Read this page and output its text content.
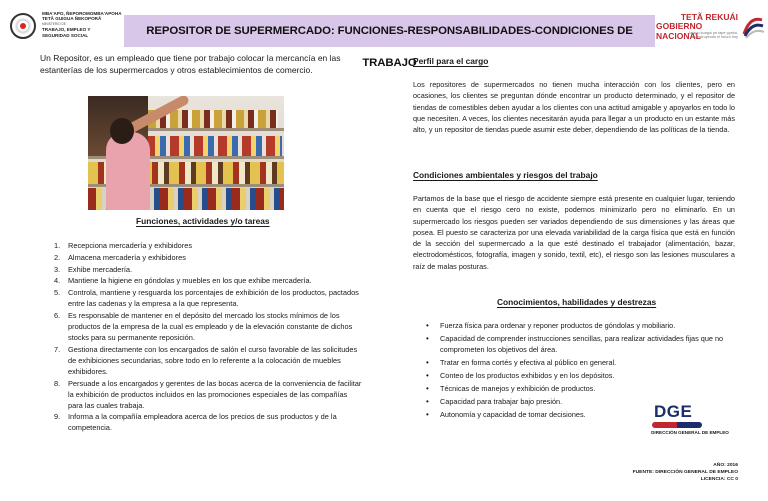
MBA'APO, ÑEPOROMOMBA'APOHA
TETÃ GUIGUA ÑEKOPORÃ
MINISTERIO DE
TRABAJO, EMPLEO Y
SEGURIDAD SOCIAL	REPOSITOR DE SUPERMERCADO: FUNCIONES-RESPONSABILIDADES-CONDICIONES DE TRABAJO
TETÃ REKUÁI
GOBIERNO NACIONAL
Jajapo koagui pe tape pyahu. Construyendo el futuro hoy

Un Repositor, es un empleado que tiene por trabajo colocar la mercancía en las estanterías de los supermercados y otros establecimientos de comercio.

Funciones, actividades y/o tareas
1.	Recepciona mercadería y exhibidores
2.	Almacena mercadería y exhibidores
3.	Exhibe mercadería.
4.	Mantiene la higiene en góndolas y muebles en los que exhibe mercadería.
5.	Controla, mantiene y resguarda los porcentajes de exhibición de los productos, pactados entre las cadenas y la empresa a la que representa.
6.	Es responsable de mantener en el depósito del mercado los stocks mínimos de los productos de la empresa de la cual es empleado y de la elevación constante de dichos stocks para su permanente reposición.
7.	Gestiona directamente con los encargados de salón el curso favorable de las solicitudes de exhibiciones secundarias, sobre todo en lo referente a la colocación de muebles exhibidores.
8.	Persuade a los encargados y gerentes de las bocas acerca de la conveniencia de facilitar la exhibición de productos incluidos en las promociones especiales de las compañías para las cuales trabaja.
9.	Informa a la compañía empleadora acerca de los precios de sus productos y de la competencia.
Perfil para el cargo

Los repositores de supermercados no tienen mucha interacción con los clientes, pero en ocasiones, los clientes se preguntan dónde encontrar un producto determinado, y el repositor de tiendas de comestibles deben ayudar a los clientes con una actitud amigable y apoyarlos en todo lo que necesiten. A veces, los clientes necesitarán ayuda para llegar a un producto en un estante más alto, y un repositor de tiendas puede asumir este deber, dependiendo de las políticas de la tienda.

Condiciones ambientales y riesgos del trabajo

Partamos de la base que el riesgo de accidente siempre está presente en cualquier lugar, teniendo en cuenta que el riesgo cero no existe, podemos minimizarlo pero no eliminarlo. En un supermercado los riesgos pueden ser variados dependiendo de sus dimensiones y las áreas que posea. El puesto se caracteriza por una elevada variabilidad de la carga física que está en función de la sección del supermercado a la que esté destinado el trabajador (alimentación, bazar, electrodomésticos, fotografía, imagen y sonido, textil, etc), el riesgo son las lesiones musculares a raíz de malas posturas.

Conocimientos, habilidades y destrezas
•	Fuerza física para ordenar y reponer productos de góndolas y mobiliario.
•	Capacidad de comprender instrucciones sencillas, para realizar actividades fijas que no comprometen los objetivos del área.
•	Tratar en forma cortés y efectiva al público en general.
•	Conteo de los productos exhibidos y en los depósitos.
•	Técnicas de manejos y exhibición de productos.
•	Capacidad para trabajar bajo presión.
•	Autonomía y capacidad de tomar decisiones.	DGE
DIRECCIÓN GENERAL DE EMPLEO
AÑO: 2016
FUENTE: DIRECCIÓN GENERAL DE EMPLEO
LICENCIA: CC 0
